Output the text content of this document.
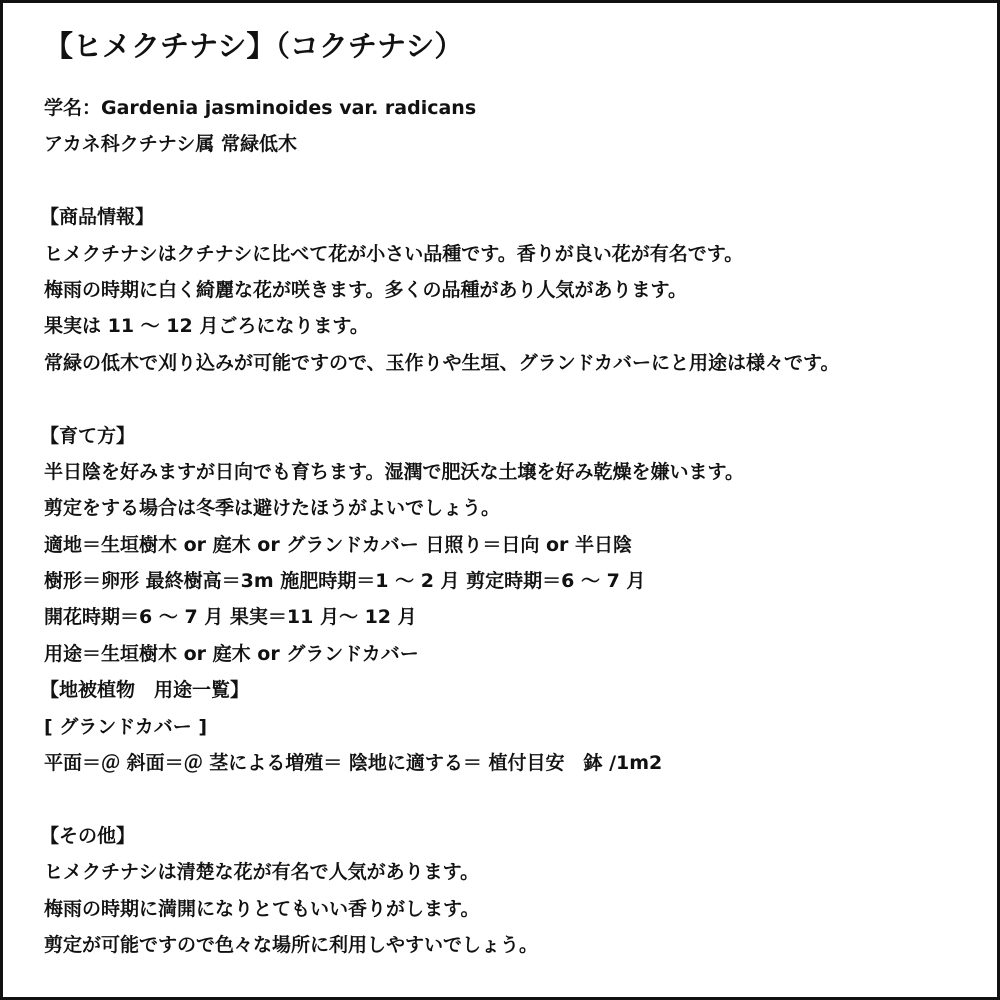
【ヒメクチナシ】（コクチナシ）
学名：Gardenia jasminoides var. radicans
アカネ科クチナシ属 常緑低木
【商品情報】
ヒメクチナシはクチナシに比べて花が小さい品種です。香りが良い花が有名です。
梅雨の時期に白く綺麗な花が咲きます。多くの品種があり人気があります。
果実は 11 ～ 12 月ごろになります。
常緑の低木で刈り込みが可能ですので、玉作りや生垣、グランドカバーにと用途は様々です。
【育て方】
半日陰を好みますが日向でも育ちます。湿潤で肥沃な土壌を好み乾燥を嫌います。
剪定をする場合は冬季は避けたほうがよいでしょう。
適地＝生垣樹木 or 庭木 or グランドカバー 日照り＝日向 or 半日陰
樹形＝卵形 最終樹高＝3m 施肥時期＝1 ～ 2 月 剪定時期＝6 ～ 7 月
開花時期＝6 ～ 7 月 果実＝11 月～ 12 月
用途＝生垣樹木 or 庭木 or グランドカバー
【地被植物　用途一覧】
[ グランドカバー ]
平面＝＠ 斜面＝＠ 茎による増殖＝ 陰地に適する＝ 植付目安　鉢 /1m2
【その他】
ヒメクチナシは清楚な花が有名で人気があります。
梅雨の時期に満開になりとてもいい香りがします。
剪定が可能ですので色々な場所に利用しやすいでしょう。
